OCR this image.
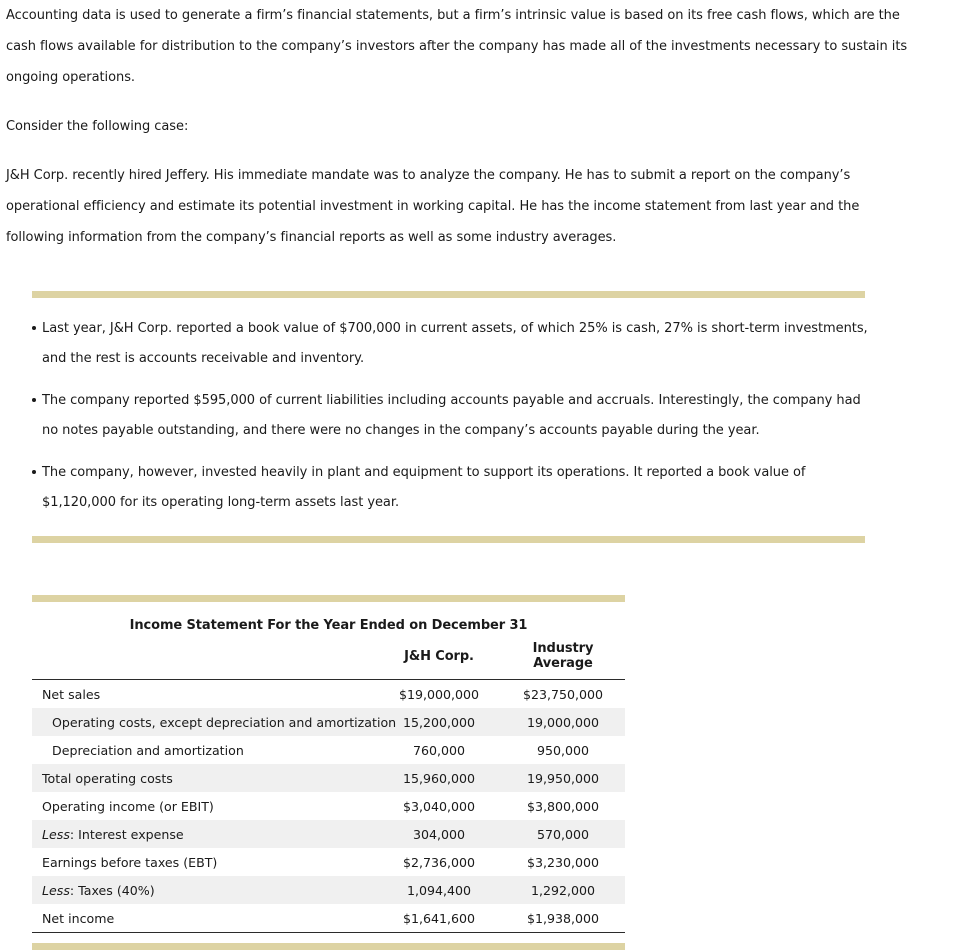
Accounting data is used to generate a firm’s financial statements, but a firm’s intrinsic value is based on its free cash flows, which are the cash flows available for distribution to the company’s investors after the company has made all of the investments necessary to sustain its ongoing operations.

Consider the following case:

J&H Corp. recently hired Jeffery. His immediate mandate was to analyze the company. He has to submit a report on the company’s operational efficiency and estimate its potential investment in working capital. He has the income statement from last year and the following information from the company’s financial reports as well as some industry averages.

Last year, J&H Corp. reported a book value of $700,000 in current assets, of which 25% is cash, 27% is short-term investments, and the rest is accounts receivable and inventory.
The company reported $595,000 of current liabilities including accounts payable and accruals. Interestingly, the company had no notes payable outstanding, and there were no changes in the company’s accounts payable during the year.
The company, however, invested heavily in plant and equipment to support its operations. It reported a book value of $1,120,000 for its operating long-term assets last year.
Income Statement For the Year Ended on December 31
	J&H Corp.	Industry Average
Net sales	$19,000,000	$23,750,000
Operating costs, except depreciation and amortization	15,200,000	19,000,000
Depreciation and amortization	760,000	950,000
Total operating costs	15,960,000	19,950,000
Operating income (or EBIT)	$3,040,000	$3,800,000
Less: Interest expense	304,000	570,000
Earnings before taxes (EBT)	$2,736,000	$3,230,000
Less: Taxes (40%)	1,094,400	1,292,000
Net income	$1,641,600	$1,938,000
